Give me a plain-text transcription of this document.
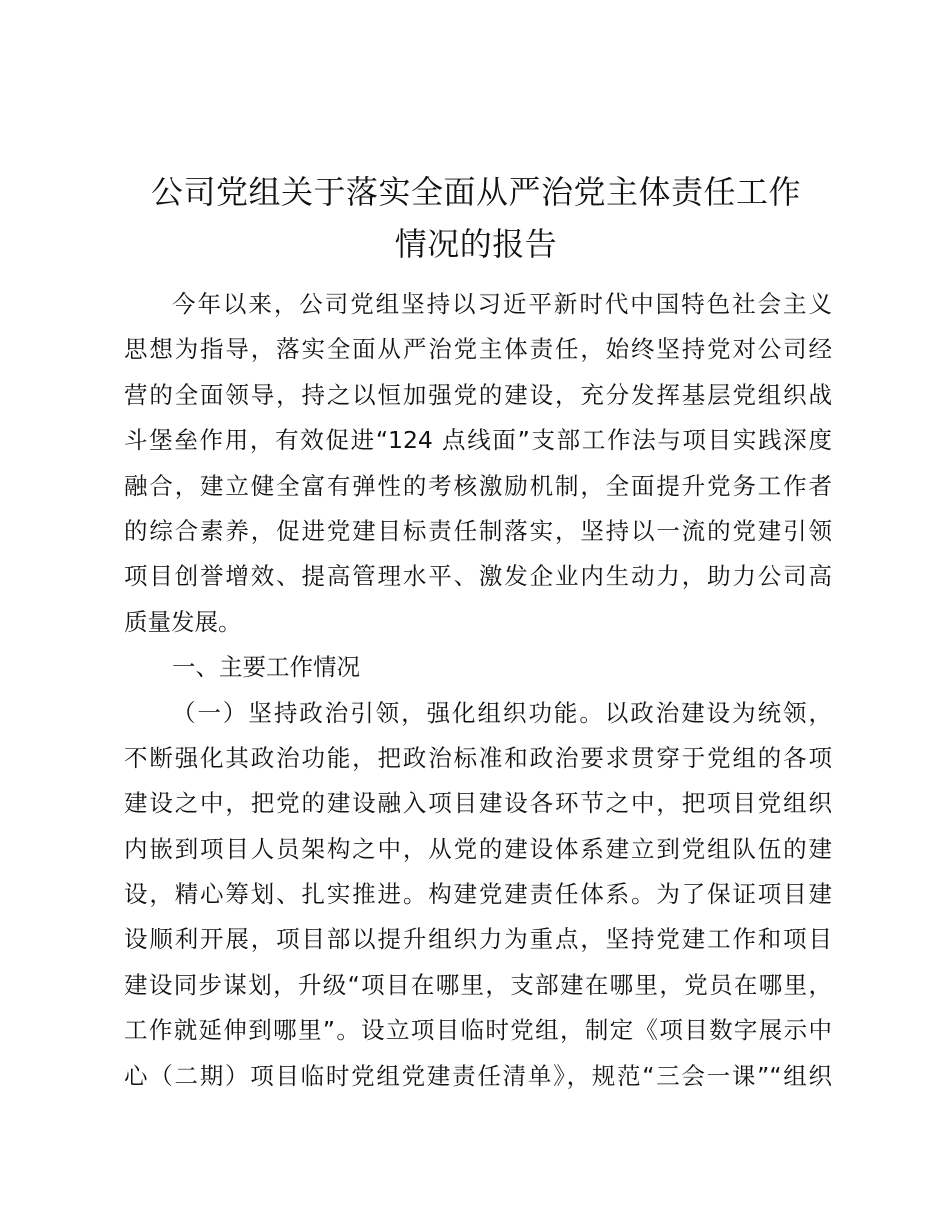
公司党组关于落实全面从严治党主体责任工作
情况的报告
今年以来，公司党组坚持以习近平新时代中国特色社会主义
思想为指导，落实全面从严治党主体责任，始终坚持党对公司经
营的全面领导，持之以恒加强党的建设，充分发挥基层党组织战
斗堡垒作用，有效促进“124 点线面”支部工作法与项目实践深度
融合，建立健全富有弹性的考核激励机制，全面提升党务工作者
的综合素养，促进党建目标责任制落实，坚持以一流的党建引领
项目创誉增效、提高管理水平、激发企业内生动力，助力公司高
质量发展。
一、主要工作情况
（一）坚持政治引领，强化组织功能。以政治建设为统领，
不断强化其政治功能，把政治标准和政治要求贯穿于党组的各项
建设之中，把党的建设融入项目建设各环节之中，把项目党组织
内嵌到项目人员架构之中，从党的建设体系建立到党组队伍的建
设，精心筹划、扎实推进。构建党建责任体系。为了保证项目建
设顺利开展，项目部以提升组织力为重点，坚持党建工作和项目
建设同步谋划，升级“项目在哪里，支部建在哪里，党员在哪里，
工作就延伸到哪里”。设立项目临时党组，制定《项目数字展示中
心（二期）项目临时党组党建责任清单》，规范“三会一课”“组织
